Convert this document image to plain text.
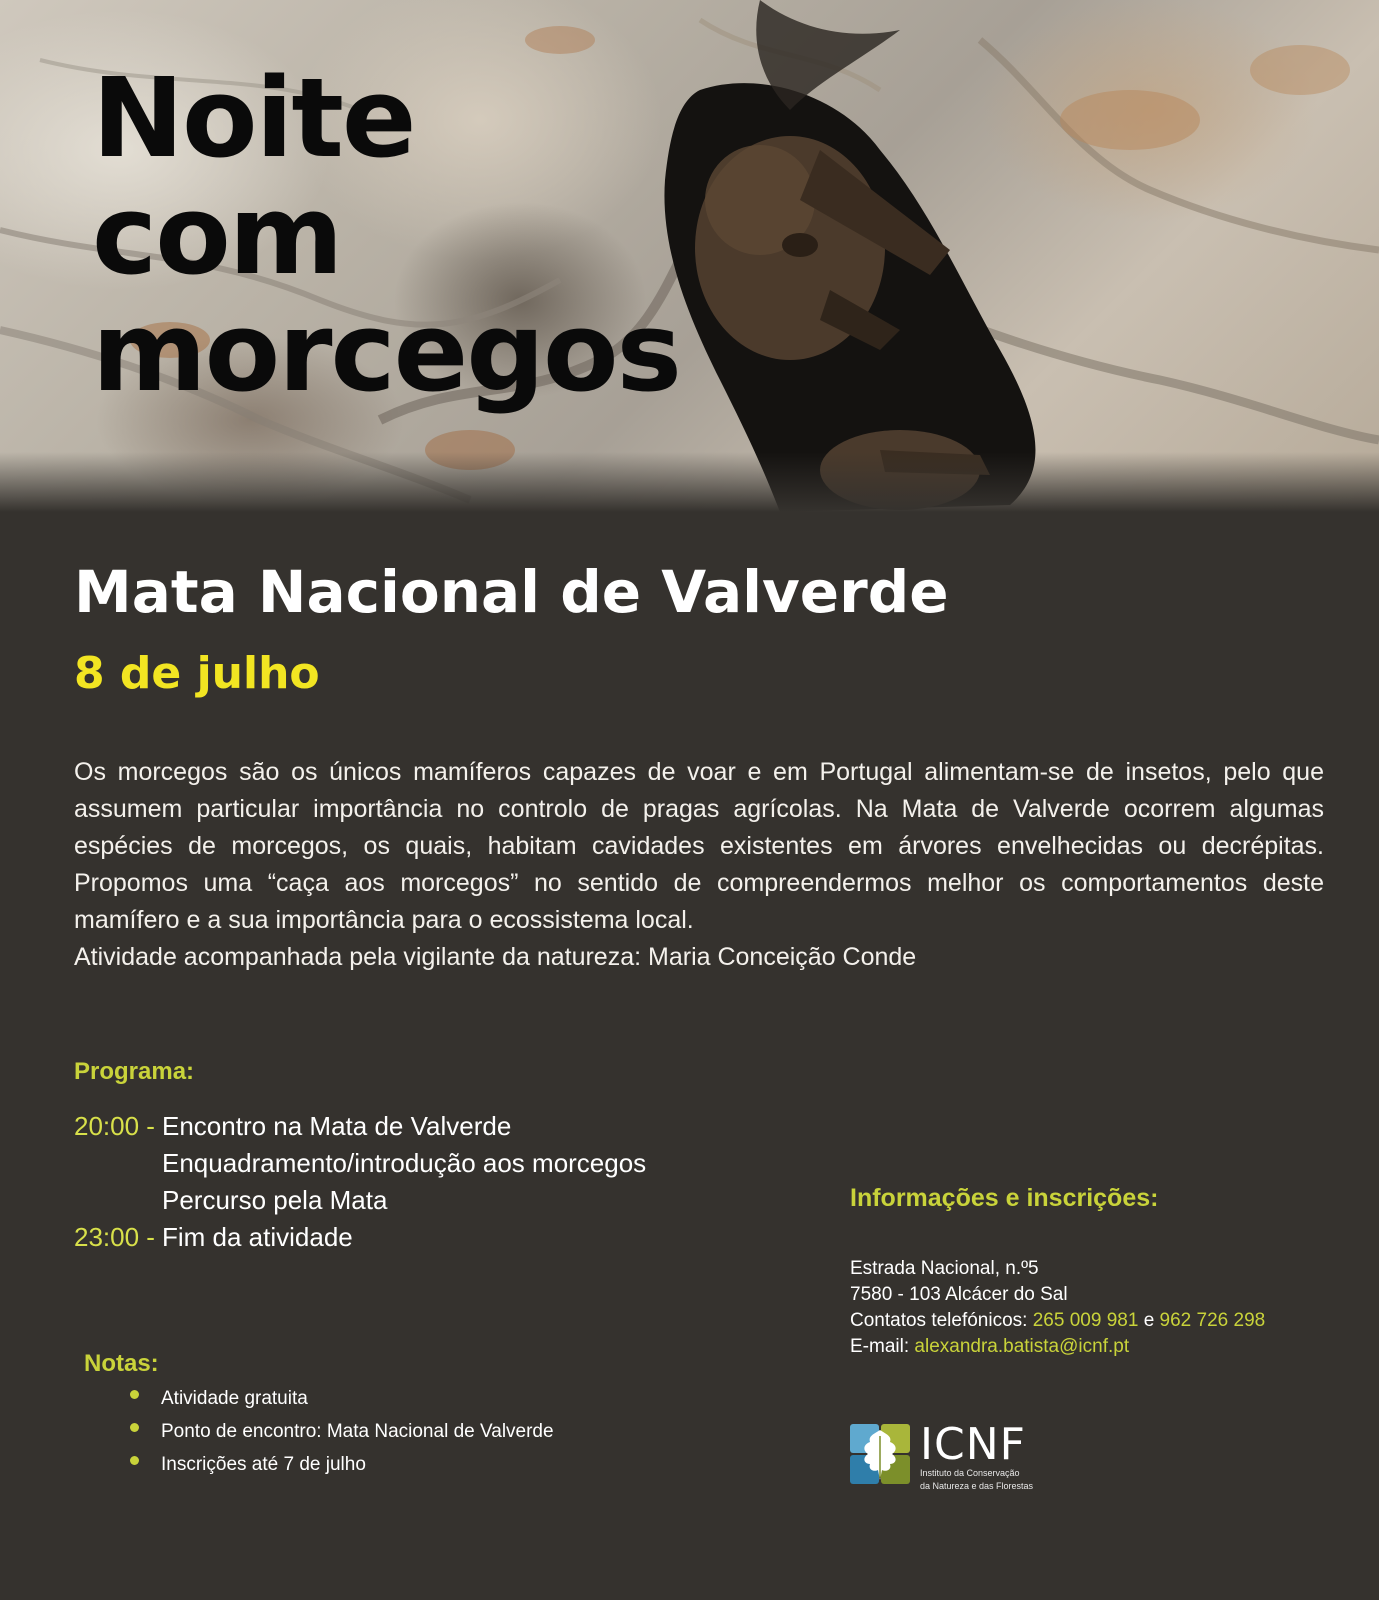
Noite
com
morcegos
Mata Nacional de Valverde
8 de julho

Os morcegos são os únicos mamíferos capazes de voar e em Portugal alimentam-se de insetos, pelo que assumem particular importância no controlo de pragas agrícolas. Na Mata de Valverde ocorrem algumas espécies de morcegos, os quais, habitam cavidades existentes em árvores envelhecidas ou decrépitas. Propomos uma “caça aos morcegos” no sentido de compreendermos melhor os comportamentos deste mamífero e a sua importância para o ecossistema local.

Atividade acompanhada pela vigilante da natureza: Maria Conceição Conde

Programa:
20:00 - Encontro na Mata de Valverde
Enquadramento/introdução aos morcegos
Percurso pela Mata
23:00 - Fim da atividade
Notas:
Atividade gratuita
Ponto de encontro: Mata Nacional de Valverde
Inscrições até 7 de julho
Informações e inscrições:
Estrada Nacional, n.º5
7580 - 103 Alcácer do Sal
Contatos telefónicos: 265 009 981 e 962 726 298
E-mail: alexandra.batista@icnf.pt
ICNF
Instituto da Conservação
da Natureza e das Florestas
